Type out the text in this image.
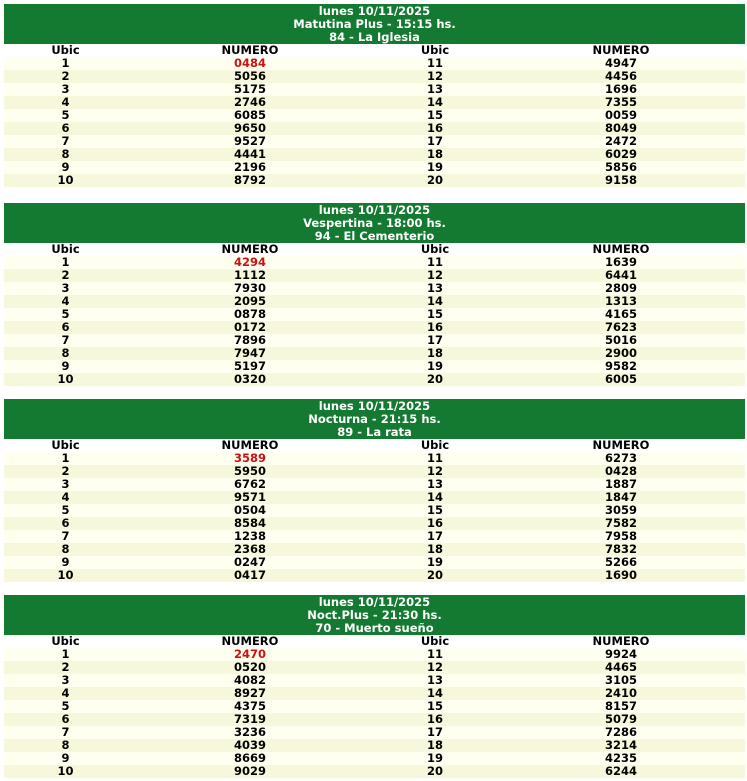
lunes 10/11/2025
Matutina Plus - 15:15 hs.
84 - La Iglesia
Ubic	NUMERO	Ubic	NUMERO
1	0484	11	4947
2	5056	12	4456
3	5175	13	1696
4	2746	14	7355
5	6085	15	0059
6	9650	16	8049
7	9527	17	2472
8	4441	18	6029
9	2196	19	5856
10	8792	20	9158
lunes 10/11/2025
Vespertina - 18:00 hs.
94 - El Cementerio
Ubic	NUMERO	Ubic	NUMERO
1	4294	11	1639
2	1112	12	6441
3	7930	13	2809
4	2095	14	1313
5	0878	15	4165
6	0172	16	7623
7	7896	17	5016
8	7947	18	2900
9	5197	19	9582
10	0320	20	6005
lunes 10/11/2025
Nocturna - 21:15 hs.
89 - La rata
Ubic	NUMERO	Ubic	NUMERO
1	3589	11	6273
2	5950	12	0428
3	6762	13	1887
4	9571	14	1847
5	0504	15	3059
6	8584	16	7582
7	1238	17	7958
8	2368	18	7832
9	0247	19	5266
10	0417	20	1690
lunes 10/11/2025
Noct.Plus - 21:30 hs.
70 - Muerto sueño
Ubic	NUMERO	Ubic	NUMERO
1	2470	11	9924
2	0520	12	4465
3	4082	13	3105
4	8927	14	2410
5	4375	15	8157
6	7319	16	5079
7	3236	17	7286
8	4039	18	3214
9	8669	19	4235
10	9029	20	6244
